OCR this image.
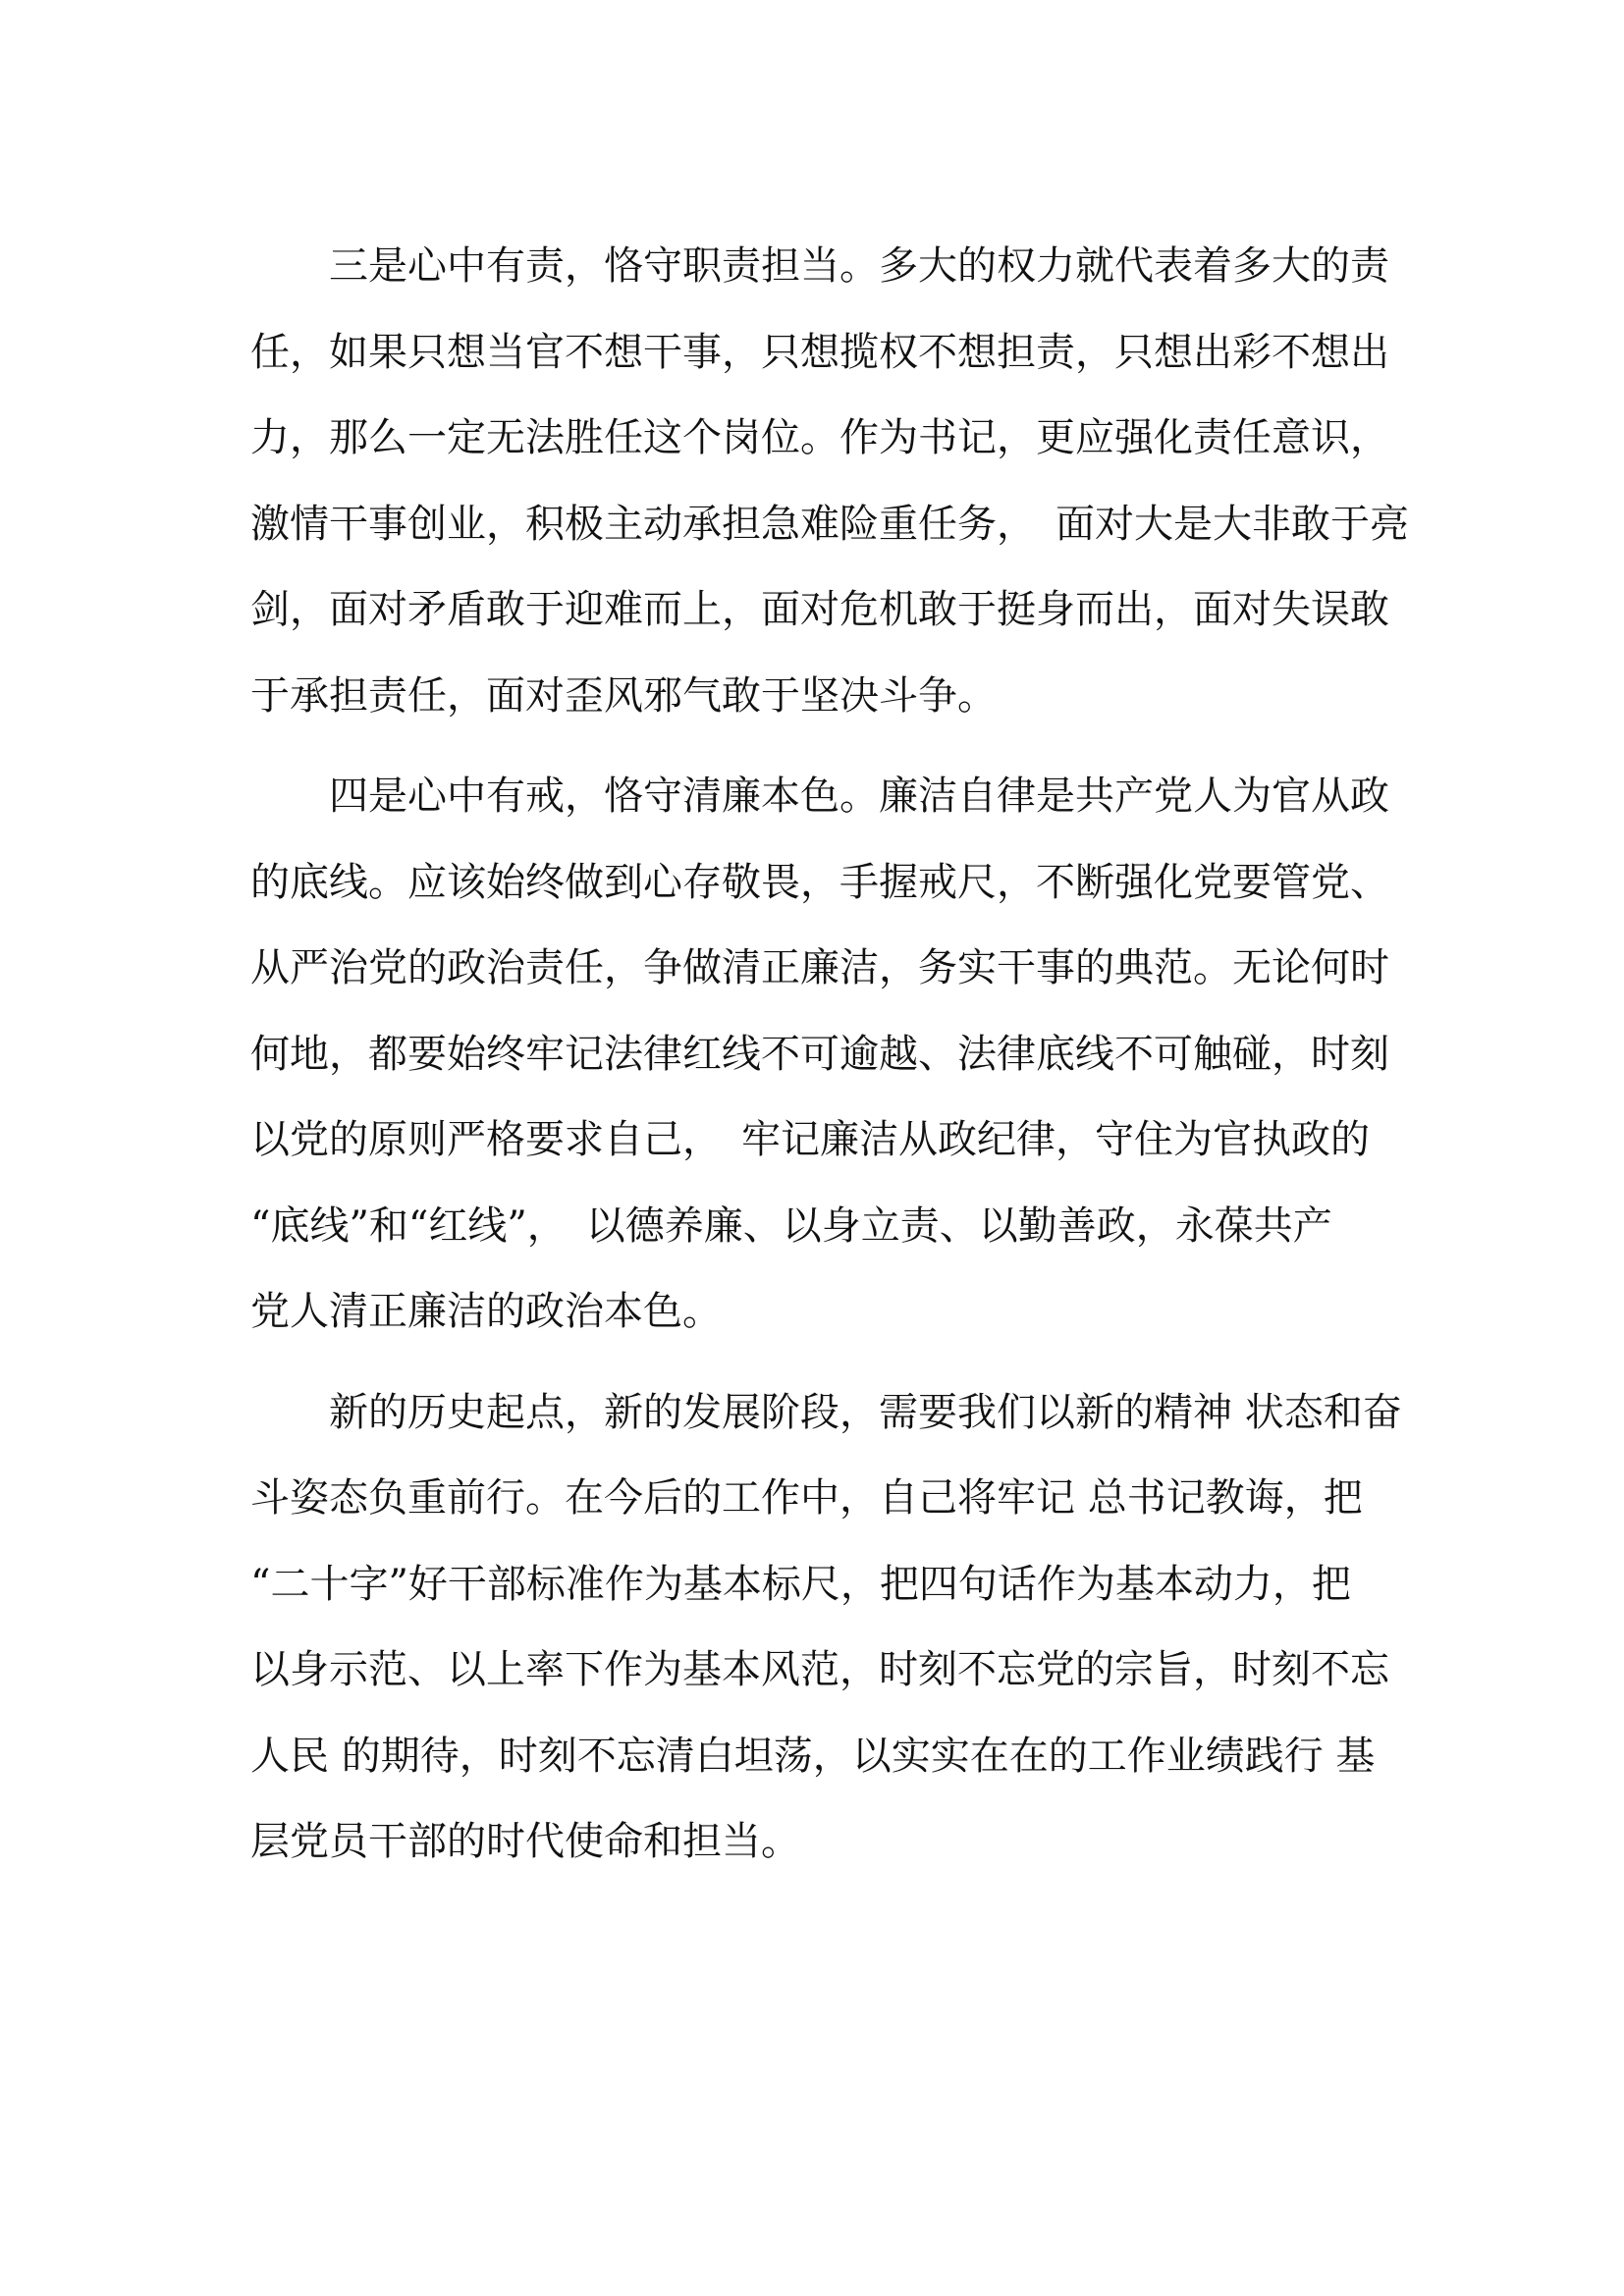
　　三是心中有责，恪守职责担当。多大的权力就代表着多大的责
任，如果只想当官不想干事，只想揽权不想担责，只想出彩不想出
力，那么一定无法胜任这个岗位。作为书记，更应强化责任意识，
激情干事创业，积极主动承担急难险重任务，　面对大是大非敢于亮
剑，面对矛盾敢于迎难而上，面对危机敢于挺身而出，面对失误敢
于承担责任，面对歪风邪气敢于坚决斗争。
　　四是心中有戒，恪守清廉本色。廉洁自律是共产党人为官从政
的底线。应该始终做到心存敬畏，手握戒尺，不断强化党要管党、
从严治党的政治责任，争做清正廉洁，务实干事的典范。无论何时
何地，都要始终牢记法律红线不可逾越、法律底线不可触碰，时刻
以党的原则严格要求自己，　牢记廉洁从政纪律，守住为官执政的
“底线”和“红线”，　以德养廉、以身立责、以勤善政，永葆共产
党人清正廉洁的政治本色。
　　新的历史起点，新的发展阶段，需要我们以新的精神 状态和奋
斗姿态负重前行。在今后的工作中，自己将牢记 总书记教诲，把
“二十字”好干部标准作为基本标尺，把四句话作为基本动力，把
以身示范、以上率下作为基本风范，时刻不忘党的宗旨，时刻不忘
人民 的期待，时刻不忘清白坦荡，以实实在在的工作业绩践行 基
层党员干部的时代使命和担当。
